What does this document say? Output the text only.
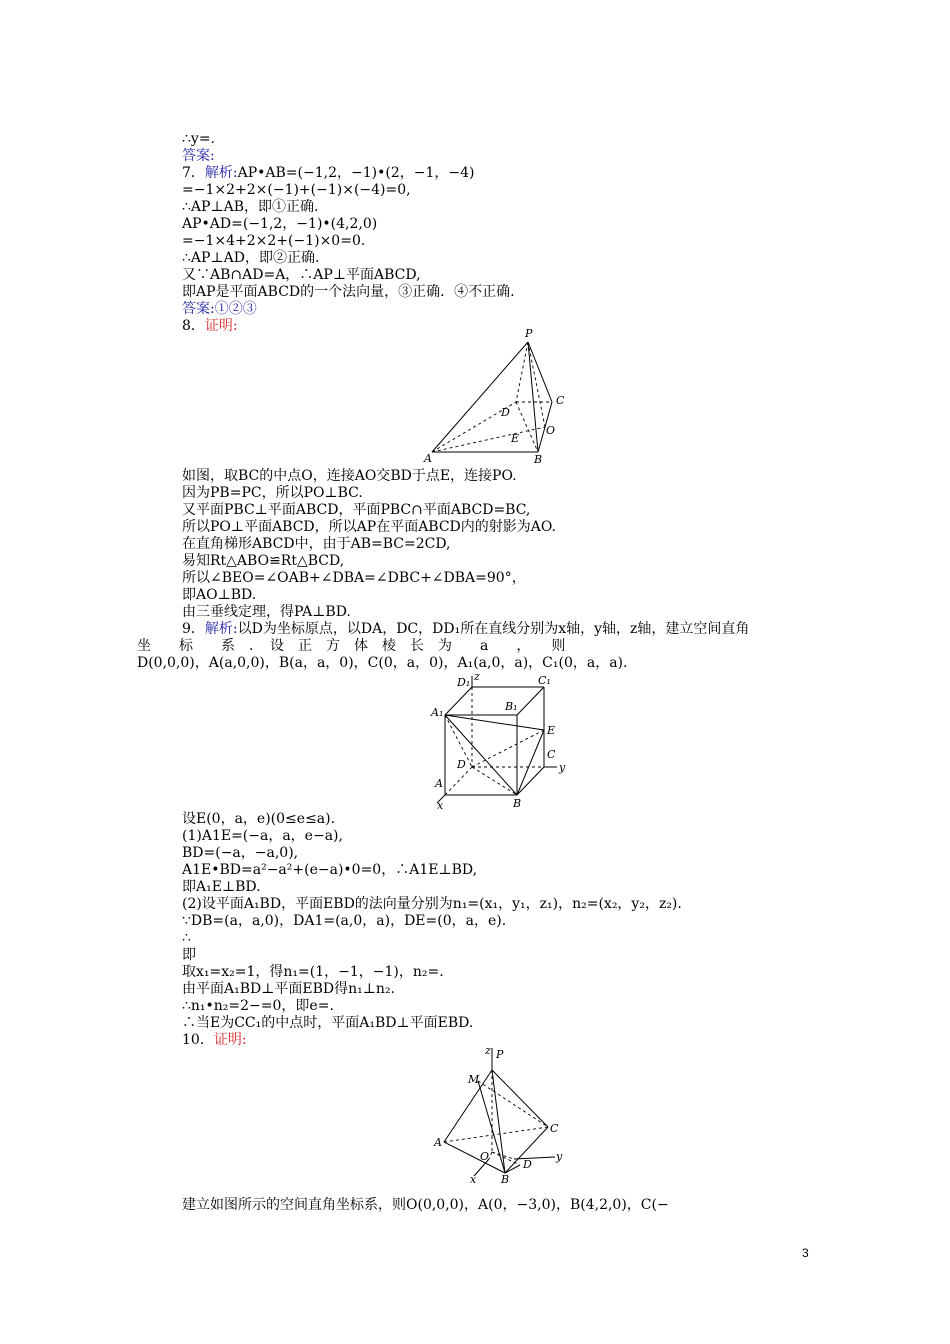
∴y=.
答案:
7．解析:AP•AB=(−1,2，−1)•(2，−1，−4)
=−1×2+2×(−1)+(−1)×(−4)=0,
∴AP⊥AB，即①正确.
AP•AD=(−1,2，−1)•(4,2,0)
=−1×4+2×2+(−1)×0=0.
∴AP⊥AD，即②正确.
又∵AB∩AD=A，∴AP⊥平面ABCD,
即AP是平面ABCD的一个法向量，③正确．④不正确.
答案:①②③
8．证明:	P
A	B
C
D
E
O
如图，取BC的中点O，连接AO交BD于点E，连接PO.
因为PB=PC，所以PO⊥BC.
又平面PBC⊥平面ABCD，平面PBC∩平面ABCD=BC,
所以PO⊥平面ABCD，所以AP在平面ABCD内的射影为AO.
在直角梯形ABCD中，由于AB=BC=2CD,
易知Rt△ABO≌Rt△BCD,
所以∠BEO=∠OAB+∠DBA=∠DBC+∠DBA=90°，
即AO⊥BD.
由三垂线定理，得PA⊥BD.
9．解析:以D为坐标原点，以DA，DC，DD₁所在直线分别为x轴，y轴，z轴，建立空间直角
坐　　标　　系　．　设　正　方　体　棱　长　为　　a　　，　　则
D(0,0,0)，A(a,0,0)，B(a，a，0)，C(0，a，0)，A₁(a,0，a)，C₁(0，a，a).
D₁ z	C₁
A₁	B₁
E
C
D	y
A
B
x
设E(0，a，e)(0≤e≤a).
(1)A1E=(−a，a，e−a),
BD=(−a，−a,0),
A1E•BD=a²−a²+(e−a)•0=0，∴A1E⊥BD,
即A₁E⊥BD.
(2)设平面A₁BD，平面EBD的法向量分别为n₁=(x₁，y₁，z₁)，n₂=(x₂，y₂，z₂).
∵DB=(a，a,0)，DA1=(a,0，a)，DE=(0，a，e).
∴
即
取x₁=x₂=1，得n₁=(1，−1，−1)，n₂=.
由平面A₁BD⊥平面EBD得n₁⊥n₂.
∴n₁•n₂=2−=0，即e=.
∴当E为CC₁的中点时，平面A₁BD⊥平面EBD.
10．证明:
z P
M
C
A
O
D
y
x B
建立如图所示的空间直角坐标系，则O(0,0,0)，A(0，−3,0)，B(4,2,0)，C(−
3
